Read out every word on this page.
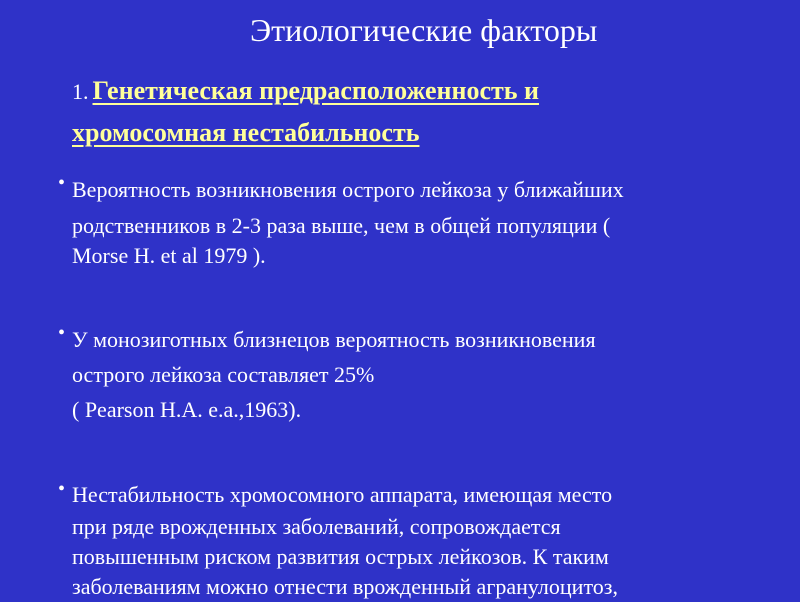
Этиологические факторы
1. Генетическая предрасположенность и
хромосомная нестабильность
• Вероятность возникновения острого лейкоза у ближайших
родственников в 2-3 раза выше, чем в общей популяции (
Morse H. et al 1979 ).
• У монозиготных близнецов вероятность возникновения
острого лейкоза составляет 25%
( Pearson H.A. e.a.,1963).
• Нестабильность хромосомного аппарата, имеющая место
при ряде врожденных заболеваний, сопровождается
повышенным риском развития острых лейкозов. К таким
заболеваниям можно отнести врожденный агранулоцитоз,
